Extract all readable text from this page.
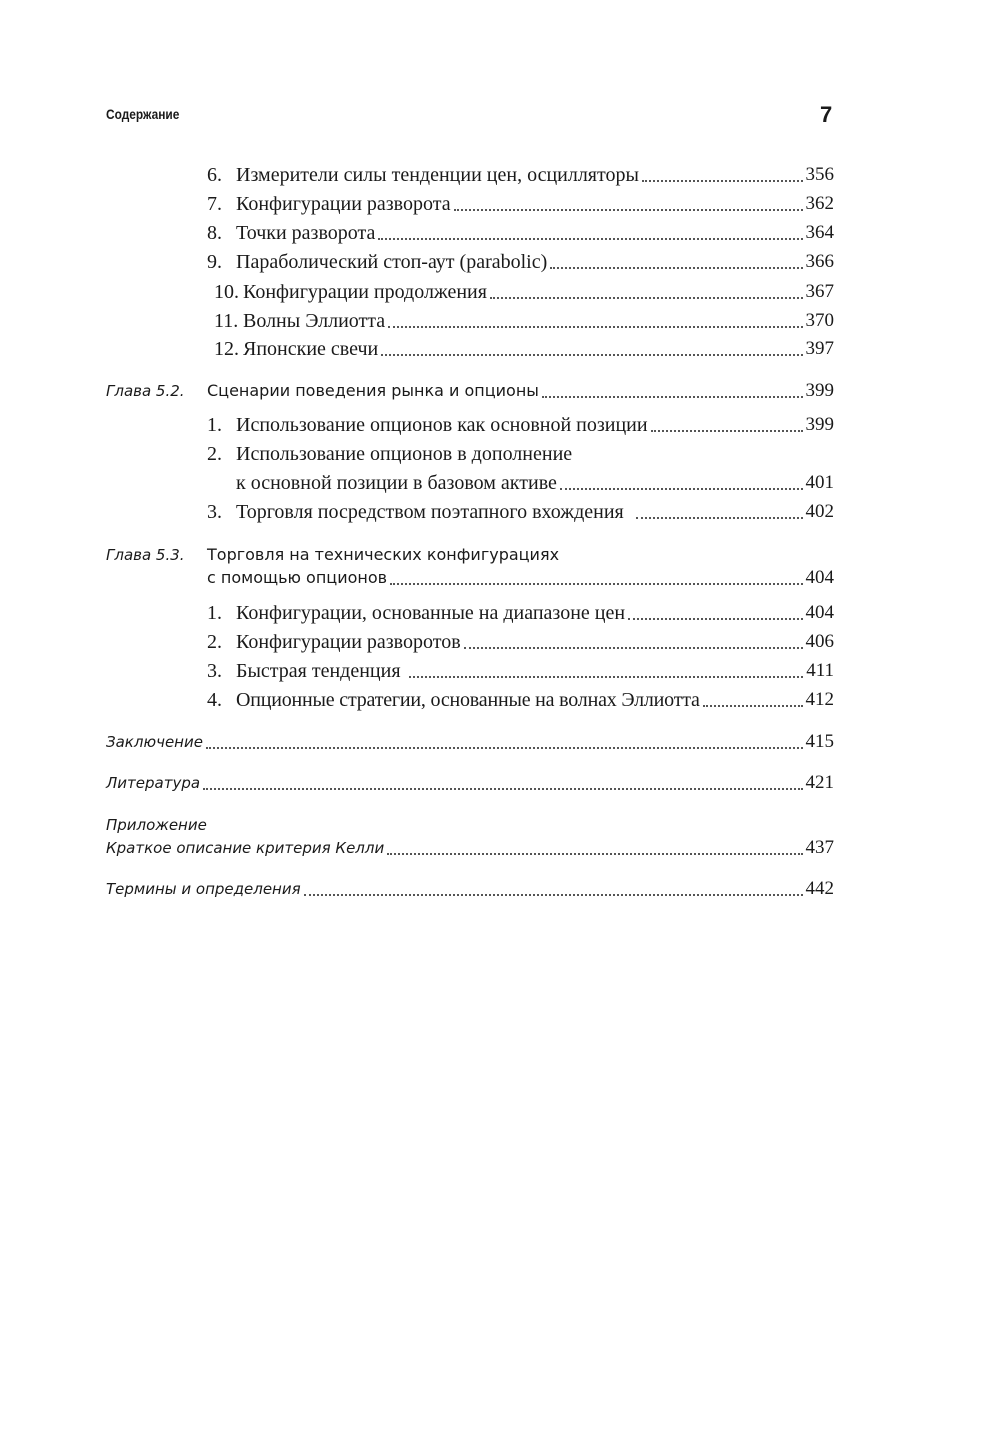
Содержание	7
6. Измерители силы тенденции цен, осцилляторы	356
7. Конфигурации разворота	362
8. Точки разворота	364
9. Параболический стоп-аут (parabolic)	366
10. Конфигурации продолжения	367
11. Волны Эллиотта	370
12. Японские свечи	397
Глава 5.2. Сценарии поведения рынка и опционы	399
1. Использование опционов как основной позиции	399
2. Использование опционов в дополнение
к основной позиции в базовом активе	401
3. Торговля посредством поэтапного вхождения	402
Глава 5.3. Торговля на технических конфигурациях
с помощью опционов	404
1. Конфигурации, основанные на диапазоне цен	404
2. Конфигурации разворотов	406
3. Быстрая тенденция	411
4. Опционные стратегии, основанные на волнах Эллиотта	412
Заключение	415
Литература	421
Приложение
Краткое описание критерия Келли	437
Термины и определения	442
